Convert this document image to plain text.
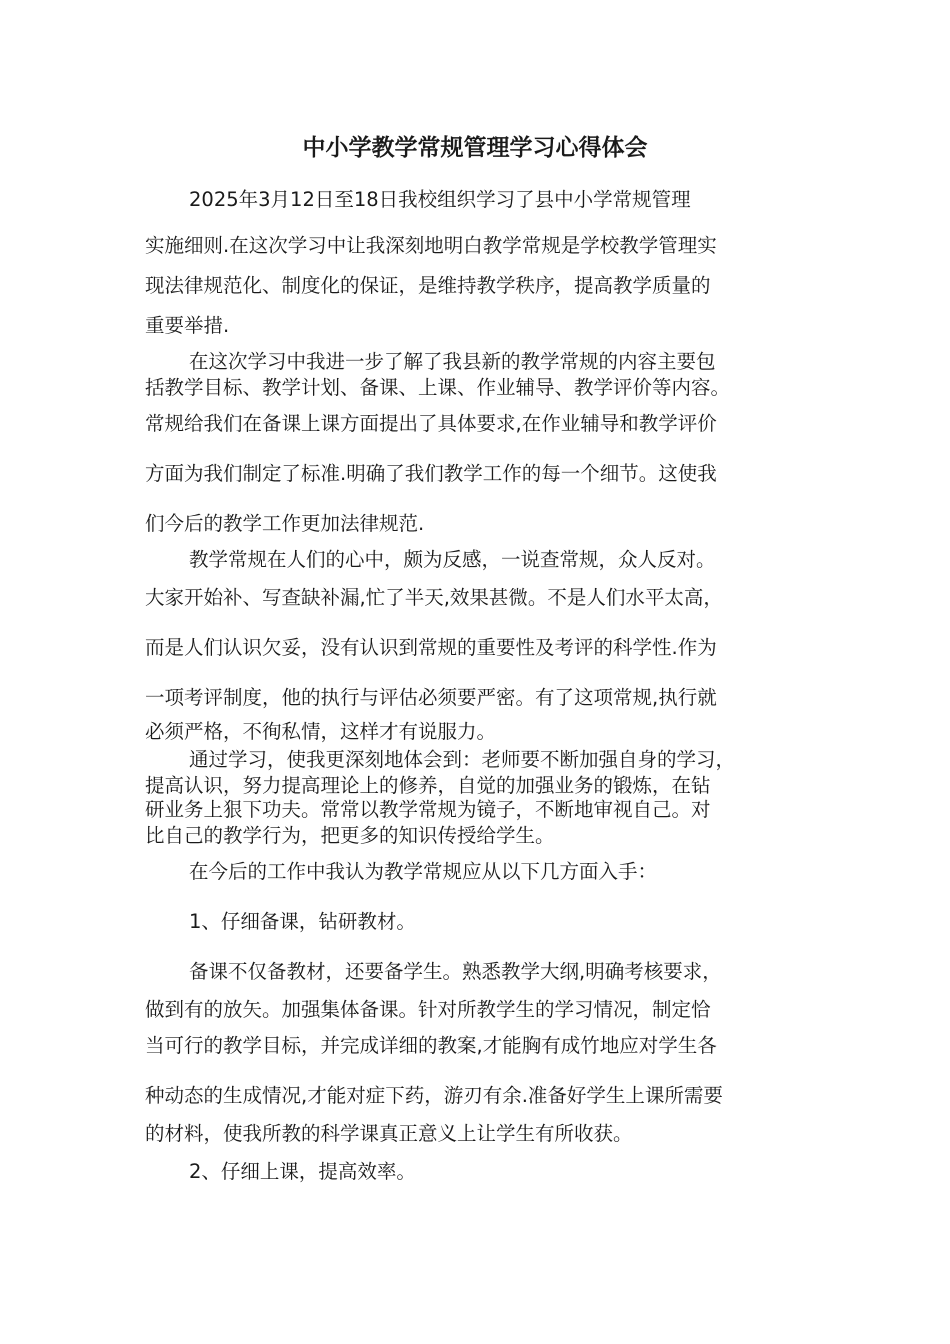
中小学教学常规管理学习心得体会
2025年3月12日至18日我校组织学习了县中小学常规管理
实施细则.在这次学习中让我深刻地明白教学常规是学校教学管理实
现法律规范化、制度化的保证，是维持教学秩序，提高教学质量的
重要举措.
在这次学习中我进一步了解了我县新的教学常规的内容主要包
括教学目标、教学计划、备课、上课、作业辅导、教学评价等内容。
常规给我们在备课上课方面提出了具体要求,在作业辅导和教学评价
方面为我们制定了标准.明确了我们教学工作的每一个细节。这使我
们今后的教学工作更加法律规范.
教学常规在人们的心中，颇为反感，一说查常规，众人反对。
大家开始补、写查缺补漏,忙了半天,效果甚微。不是人们水平太高，
而是人们认识欠妥，没有认识到常规的重要性及考评的科学性.作为
一项考评制度，他的执行与评估必须要严密。有了这项常规,执行就
必须严格，不徇私情，这样才有说服力。
通过学习，使我更深刻地体会到：老师要不断加强自身的学习，
提高认识，努力提高理论上的修养，自觉的加强业务的锻炼，在钻
研业务上狠下功夫。常常以教学常规为镜子，不断地审视自己。对
比自己的教学行为，把更多的知识传授给学生。
在今后的工作中我认为教学常规应从以下几方面入手：
1、仔细备课，钻研教材。
备课不仅备教材，还要备学生。熟悉教学大纲,明确考核要求，
做到有的放矢。加强集体备课。针对所教学生的学习情况，制定恰
当可行的教学目标，并完成详细的教案,才能胸有成竹地应对学生各
种动态的生成情况,才能对症下药，游刃有余.准备好学生上课所需要
的材料，使我所教的科学课真正意义上让学生有所收获。
2、仔细上课，提高效率。
